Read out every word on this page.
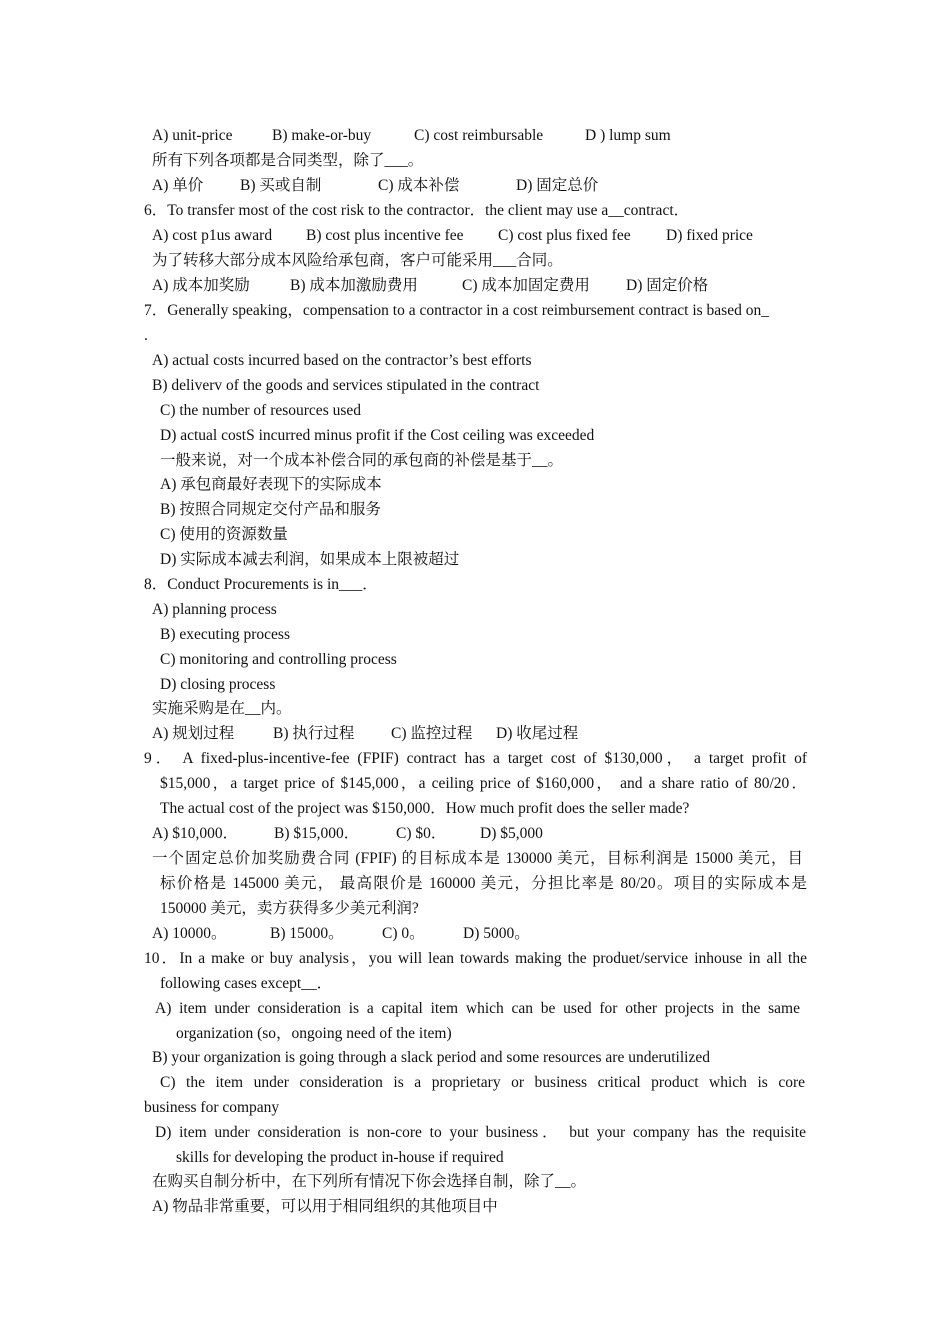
A) unit-price	B) make-or-buy	C) cost reimbursable	D ) lump sum
所有下列各项都是合同类型，除了___。
A) 单价 B) 买或自制	C) 成本补偿	D) 固定总价
6．To transfer most of the cost risk to the contractor．the client may use a__contract．
A) cost p1us award B) cost plus incentive fee C) cost plus fixed fee D) fixed price
为了转移大部分成本风险给承包商，客户可能采用___合同。
A) 成本加奖励	B) 成本加激励费用	C) 成本加固定费用 D) 固定价格
7．Generally speaking，compensation to a contractor in a cost reimbursement contract is based on_
.
A) actual costs incurred based on the contractor’s best efforts
B) deliverv of the goods and services stipulated in the contract
C) the number of resources used
D) actual costS incurred minus profit if the Cost ceiling was exceeded
一般来说，对一个成本补偿合同的承包商的补偿是基于__。
A) 承包商最好表现下的实际成本
B) 按照合同规定交付产品和服务
C) 使用的资源数量
D) 实际成本减去利润，如果成本上限被超过
8．Conduct Procurements is in___．
A) planning process
B) executing process
C) monitoring and controlling process
D) closing process
实施采购是在__内。
A) 规划过程	B) 执行过程 C) 监控过程 D) 收尾过程
9． A fixed-plus-incentive-fee (FPIF) contract has a target cost of $130,000， a target profit of
$15,000，a target price of $145,000，a ceiling price of $160,000， and a share ratio of 80/20．
The actual cost of the project was $150,000．How much profit does the seller made?
A) $10,000． B) $15,000． C) $0． D) $5,000
一个固定总价加奖励费合同 (FPIF) 的目标成本是 130000 美元，目标利润是 15000 美元，目
标价格是 145000 美元， 最高限价是 160000 美元，分担比率是 80/20。项目的实际成本是
150000 美元，卖方获得多少美元利润?
A) 10000。	B) 15000。 C) 0。 D) 5000。
10．In a make or buy analysis，you will lean towards making the produet/service inhouse in all the
following cases except__．
A) item under consideration is a capital item which can be used for other projects in the same
organization (so，ongoing need of the item)
B) your organization is going through a slack period and some resources are underutilized
C) the item under consideration is a proprietary or business critical product which is core
business for company
D) item under consideration is non-core to your business． but your company has the requisite
skills for developing the product in-house if required
在购买自制分析中，在下列所有情况下你会选择自制，除了__。
A) 物品非常重要，可以用于相同组织的其他项目中
